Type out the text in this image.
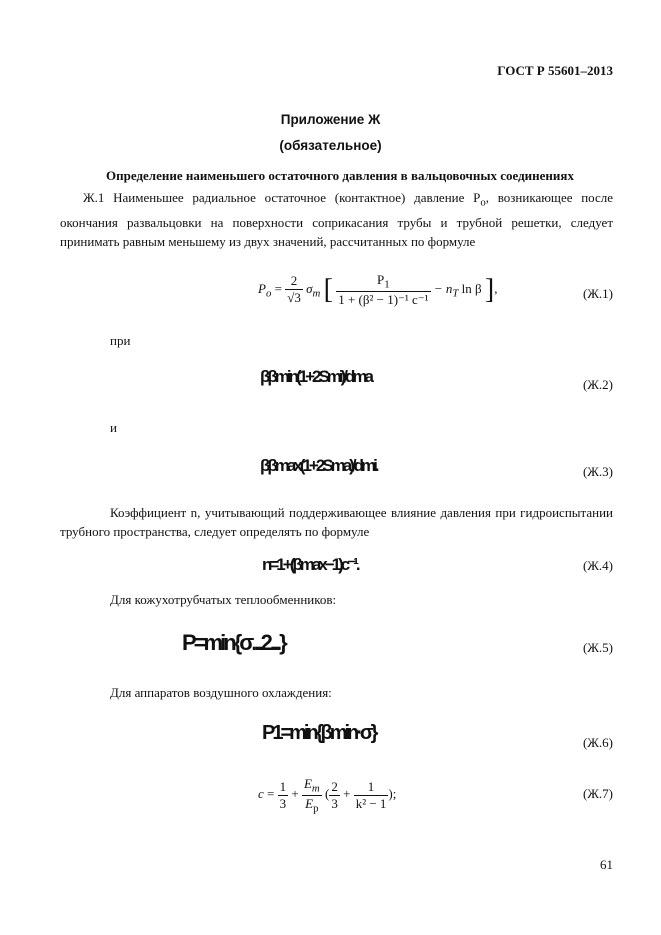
ГОСТ Р 55601–2013
Приложение Ж
(обязательное)
Определение наименьшего остаточного давления в вальцовочных соединениях
Ж.1 Наименьшее радиальное остаточное (контактное) давление $P_o$, возникающее после окончания развальцовки на поверхности соприкасания трубы и трубной решетки, следует принимать равным меньшему из двух значений, рассчитанных по формуле
$P_o = \frac{2}{√3} \sigma_m$ [ $\frac{P_1}{\text{1 + (β² − 1)⁻¹ c⁻¹}} - n_T$ ln β ],	(Ж.1)
при
ββmin(1+2Smi)/dma	(Ж.2)
и
ββmax(1+2Sma)/dmi.	(Ж.3)
Коэффициент n, учитывающий поддерживающее влияние давления при гидроиспытании трубного пространства, следует определять по формуле
n=1+(βmax−1)c⁻¹.	(Ж.4)
Для кожухотрубчатых теплообменников:
P=min{σ...2...}	(Ж.5)
Для аппаратов воздушного охлаждения:
P1=min{βmin·σ}	(Ж.6)
$c = \frac{1}{3} + \frac{E_m}{E_p}$ ( $\frac{2}{3} + \frac{1}{\text{k² − 1}}$ );	(Ж.7)
61
